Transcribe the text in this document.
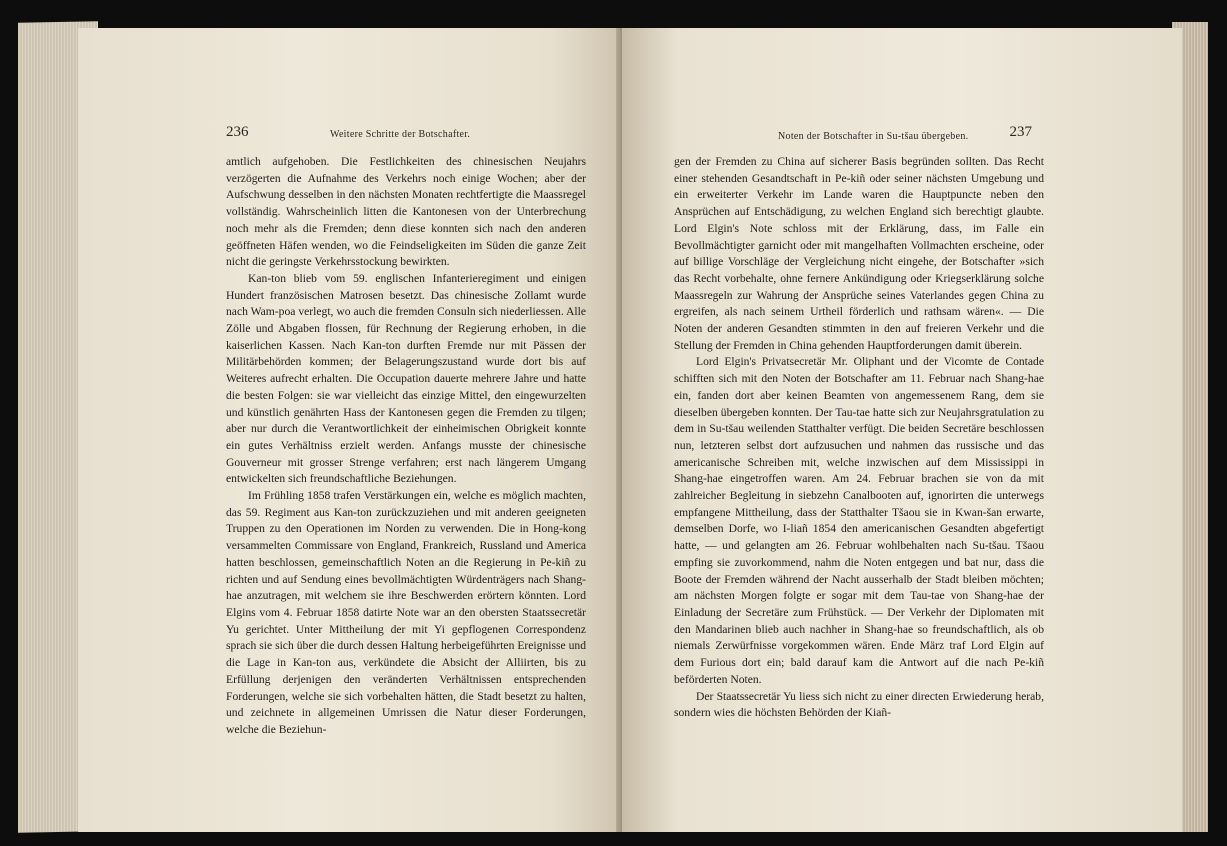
236	Weitere Schritte der Botschafter.

amtlich aufgehoben. Die Festlichkeiten des chinesischen Neujahrs verzögerten die Aufnahme des Verkehrs noch einige Wochen; aber der Aufschwung desselben in den nächsten Monaten rechtfertigte die Maassregel vollständig. Wahrscheinlich litten die Kantonesen von der Unterbrechung noch mehr als die Fremden; denn diese konnten sich nach den anderen geöffneten Häfen wenden, wo die Feindseligkeiten im Süden die ganze Zeit nicht die geringste Verkehrsstockung bewirkten.

Kan-ton blieb vom 59. englischen Infanterieregiment und einigen Hundert französischen Matrosen besetzt. Das chinesische Zollamt wurde nach Wam-poa verlegt, wo auch die fremden Consuln sich niederliessen. Alle Zölle und Abgaben flossen, für Rechnung der Regierung erhoben, in die kaiserlichen Kassen. Nach Kan-ton durften Fremde nur mit Pässen der Militärbehörden kommen; der Belagerungszustand wurde dort bis auf Weiteres aufrecht erhalten. Die Occupation dauerte mehrere Jahre und hatte die besten Folgen: sie war vielleicht das einzige Mittel, den eingewurzelten und künstlich genährten Hass der Kantonesen gegen die Fremden zu tilgen; aber nur durch die Verantwortlichkeit der einheimischen Obrigkeit konnte ein gutes Verhältniss erzielt werden. Anfangs musste der chinesische Gouverneur mit grosser Strenge verfahren; erst nach längerem Umgang entwickelten sich freundschaftliche Beziehungen.

Im Frühling 1858 trafen Verstärkungen ein, welche es möglich machten, das 59. Regiment aus Kan-ton zurückzuziehen und mit anderen geeigneten Truppen zu den Operationen im Norden zu verwenden. Die in Hong-kong versammelten Commissare von England, Frankreich, Russland und America hatten beschlossen, gemeinschaftlich Noten an die Regierung in Pe-kiñ zu richten und auf Sendung eines bevollmächtigten Würdenträgers nach Shang-hae anzutragen, mit welchem sie ihre Beschwerden erörtern könnten. Lord Elgins vom 4. Februar 1858 datirte Note war an den obersten Staatssecretär Yu gerichtet. Unter Mittheilung der mit Yi gepflogenen Correspondenz sprach sie sich über die durch dessen Haltung herbeigeführten Ereignisse und die Lage in Kan-ton aus, verkündete die Absicht der Alliirten, bis zu Erfüllung derjenigen den veränderten Verhältnissen entsprechenden Forderungen, welche sie sich vorbehalten hätten, die Stadt besetzt zu halten, und zeichnete in allgemeinen Umrissen die Natur dieser Forderungen, welche die Beziehun-

Noten der Botschafter in Su-tšau übergeben.	237

gen der Fremden zu China auf sicherer Basis begründen sollten. Das Recht einer stehenden Gesandtschaft in Pe-kiñ oder seiner nächsten Umgebung und ein erweiterter Verkehr im Lande waren die Hauptpuncte neben den Ansprüchen auf Entschädigung, zu welchen England sich berechtigt glaubte. Lord Elgin's Note schloss mit der Erklärung, dass, im Falle ein Bevollmächtigter garnicht oder mit mangelhaften Vollmachten erscheine, oder auf billige Vorschläge der Vergleichung nicht eingehe, der Botschafter »sich das Recht vorbehalte, ohne fernere Ankündigung oder Kriegserklärung solche Maassregeln zur Wahrung der Ansprüche seines Vaterlandes gegen China zu ergreifen, als nach seinem Urtheil förderlich und rathsam wären«. — Die Noten der anderen Gesandten stimmten in den auf freieren Verkehr und die Stellung der Fremden in China gehenden Hauptforderungen damit überein.

Lord Elgin's Privatsecretär Mr. Oliphant und der Vicomte de Contade schifften sich mit den Noten der Botschafter am 11. Februar nach Shang-hae ein, fanden dort aber keinen Beamten von angemessenem Rang, dem sie dieselben übergeben konnten. Der Tau-tae hatte sich zur Neujahrsgratulation zu dem in Su-tšau weilenden Statthalter verfügt. Die beiden Secretäre beschlossen nun, letzteren selbst dort aufzusuchen und nahmen das russische und das americanische Schreiben mit, welche inzwischen auf dem Mississippi in Shang-hae eingetroffen waren. Am 24. Februar brachen sie von da mit zahlreicher Begleitung in siebzehn Canalbooten auf, ignorirten die unterwegs empfangene Mittheilung, dass der Statthalter Tšaou sie in Kwan-šan erwarte, demselben Dorfe, wo I-liañ 1854 den americanischen Gesandten abgefertigt hatte, — und gelangten am 26. Februar wohlbehalten nach Su-tšau. Tšaou empfing sie zuvorkommend, nahm die Noten entgegen und bat nur, dass die Boote der Fremden während der Nacht ausserhalb der Stadt bleiben möchten; am nächsten Morgen folgte er sogar mit dem Tau-tae von Shang-hae der Einladung der Secretäre zum Frühstück. — Der Verkehr der Diplomaten mit den Mandarinen blieb auch nachher in Shang-hae so freundschaftlich, als ob niemals Zerwürfnisse vorgekommen wären. Ende März traf Lord Elgin auf dem Furious dort ein; bald darauf kam die Antwort auf die nach Pe-kiñ beförderten Noten.

Der Staatssecretär Yu liess sich nicht zu einer directen Erwiederung herab, sondern wies die höchsten Behörden der Kiañ-
